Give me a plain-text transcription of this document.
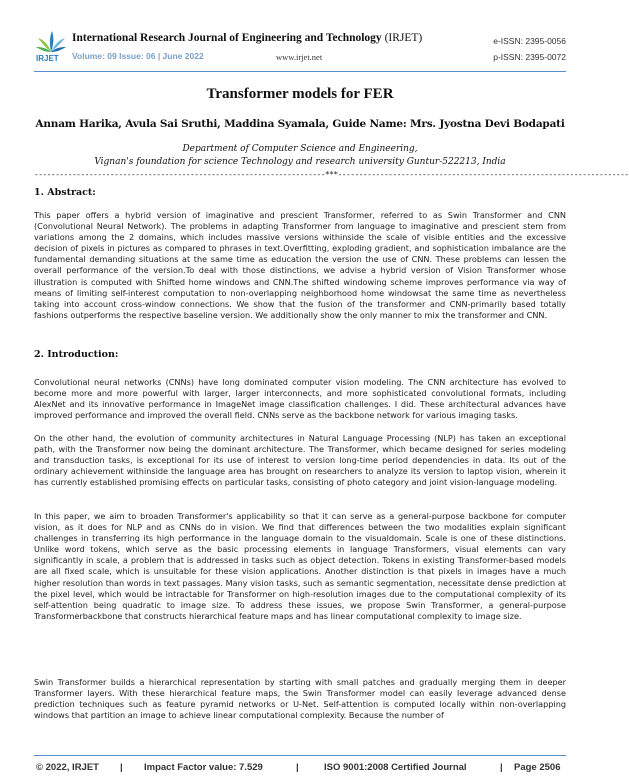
IRJET
International Research Journal of Engineering and Technology (IRJET)
Volume: 09 Issue: 06 | June 2022	www.irjet.net
e-ISSN: 2395-0056
p-ISSN: 2395-0072
Transformer models for FER
Annam Harika, Avula Sai Sruthi, Maddina Syamala, Guide Name: Mrs. Jyostna Devi Bodapati
Department of Computer Science and Engineering,
Vignan's foundation for science Technology and research university Guntur-522213, India
---------------------------------------------------------------------***---------------------------------------------------------------------
1. Abstract:

This paper offers a hybrid version of imaginative and prescient Transformer, referred to as Swin Transformer and CNN (Convolutional Neural Network). The problems in adapting Transformer from language to imaginative and prescient stem from variations among the 2 domains, which includes massive versions withinside the scale of visible entities and the excessive decision of pixels in pictures as compared to phrases in text.Overfitting, exploding gradient, and sophistication imbalance are the fundamental demanding situations at the same time as education the version the use of CNN. These problems can lessen the overall performance of the version.To deal with those distinctions, we advise a hybrid version of Vision Transformer whose illustration is computed with Shifted home windows and CNN.The shifted windowing scheme improves performance via way of means of limiting self-interest computation to non-overlapping neighborhood home windowsat the same time as nevertheless taking into account cross-window connections. We show that the fusion of the transformer and CNN-primarily based totally fashions outperforms the respective baseline version. We additionally show the only manner to mix the transformer and CNN.

2. Introduction:

Convolutional neural networks (CNNs) have long dominated computer vision modeling. The CNN architecture has evolved to become more and more powerful with larger, larger interconnects, and more sophisticated convolutional formats, including AlexNet and its innovative performance in ImageNet image classification challenges. I did. These architectural advances have improved performance and improved the overall field. CNNs serve as the backbone network for various imaging tasks.

On the other hand, the evolution of community architectures in Natural Language Processing (NLP) has taken an exceptional path, with the Transformer now being the dominant architecture. The Transformer, which became designed for series modeling and transduction tasks, is exceptional for its use of interest to version long-time period dependencies in data. Its out of the ordinary achievement withinside the language area has brought on researchers to analyze its version to laptop vision, wherein it has currently established promising effects on particular tasks, consisting of photo category and joint vision-language modeling.

In this paper, we aim to broaden Transformer's applicability so that it can serve as a general-purpose backbone for computer vision, as it does for NLP and as CNNs do in vision. We find that differences between the two modalities explain significant challenges in transferring its high performance in the language domain to the visualdomain. Scale is one of these distinctions. Unlike word tokens, which serve as the basic processing elements in language Transformers, visual elements can vary significantly in scale, a problem that is addressed in tasks such as object detection. Tokens in existing Transformer-based models are all fixed scale, which is unsuitable for these vision applications. Another distinction is that pixels in images have a much higher resolution than words in text passages. Many vision tasks, such as semantic segmentation, necessitate dense prediction at the pixel level, which would be intractable for Transformer on high-resolution images due to the computational complexity of its self-attention being quadratic to image size. To address these issues, we propose Swin Transformer, a general-purpose Transformerbackbone that constructs hierarchical feature maps and has linear computational complexity to image size.

Swin Transformer builds a hierarchical representation by starting with small patches and gradually merging them in deeper Transformer layers. With these hierarchical feature maps, the Swin Transformer model can easily leverage advanced dense prediction techniques such as feature pyramid networks or U-Net. Self-attention is computed locally within non-overlapping windows that partition an image to achieve linear computational complexity. Because the number of

© 2022, IRJET | Impact Factor value: 7.529	|	ISO 9001:2008 Certified Journal	| Page 2506
